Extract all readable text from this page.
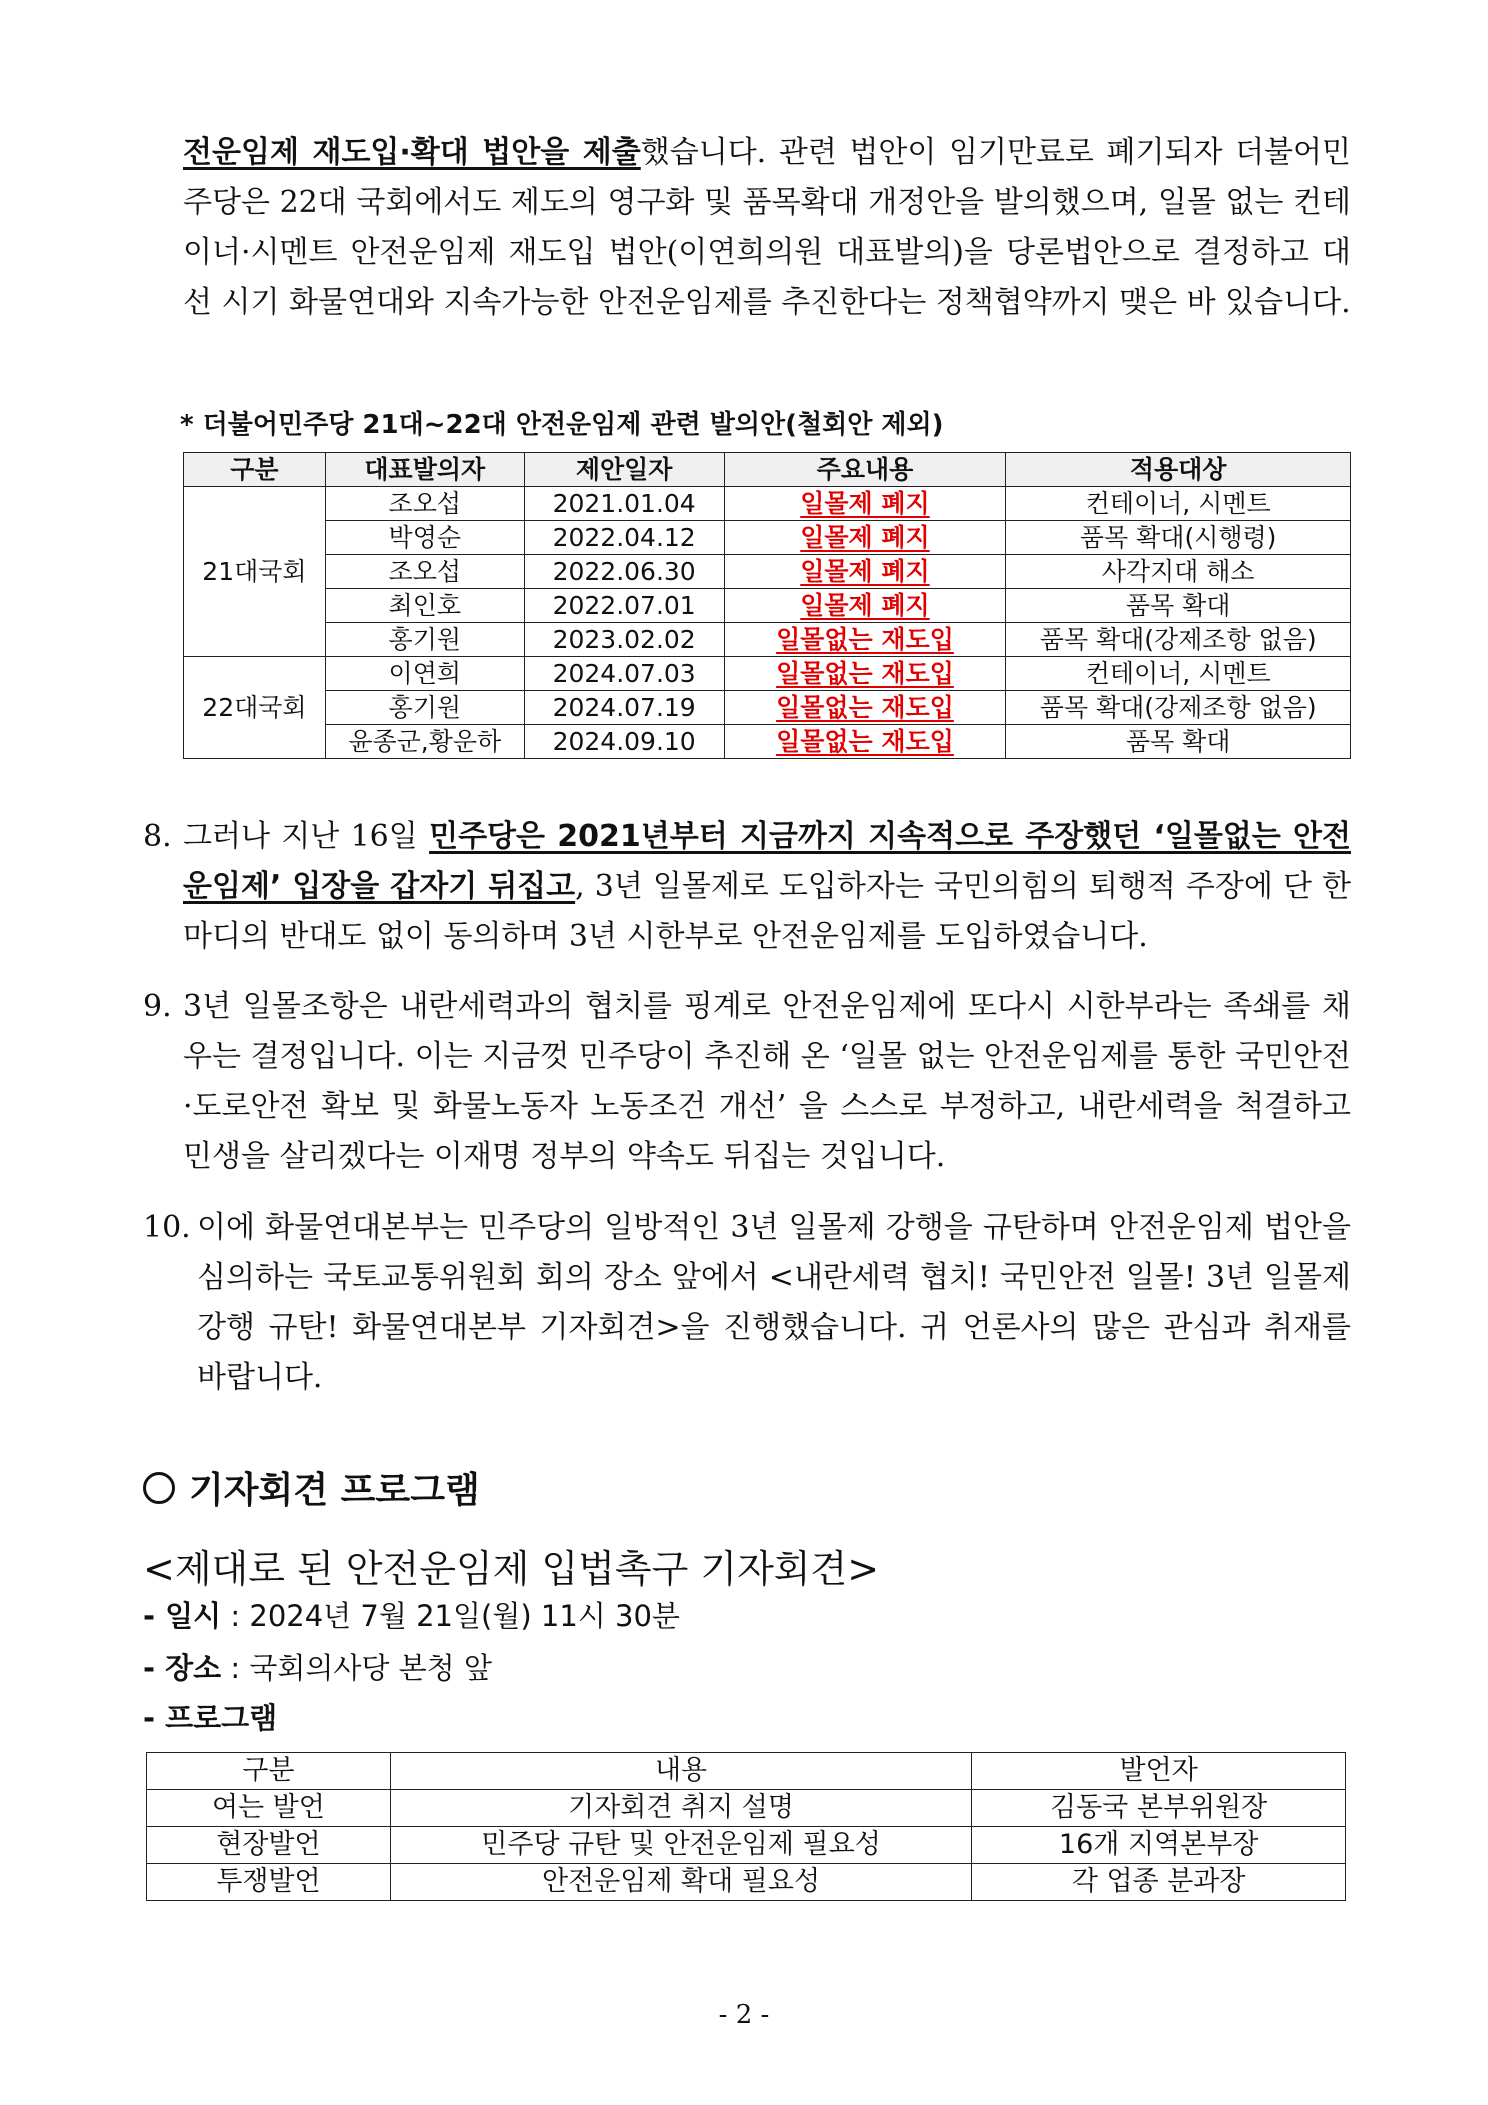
전운임제 재도입·확대 법안을 제출했습니다. 관련 법안이 임기만료로 폐기되자 더불어민주당은 22대 국회에서도 제도의 영구화 및 품목확대 개정안을 발의했으며, 일몰 없는 컨테이너·시멘트 안전운임제 재도입 법안(이연희의원 대표발의)을 당론법안으로 결정하고 대선 시기 화물연대와 지속가능한 안전운임제를 추진한다는 정책협약까지 맺은 바 있습니다.
* 더불어민주당 21대~22대 안전운임제 관련 발의안(철회안 제외)
구분	대표발의자	제안일자	주요내용	적용대상
21대국회	조오섭	2021.01.04	일몰제 폐지	컨테이너, 시멘트
	박영순	2022.04.12	일몰제 폐지	품목 확대(시행령)
	조오섭	2022.06.30	일몰제 폐지	사각지대 해소
	최인호	2022.07.01	일몰제 폐지	품목 확대
	홍기원	2023.02.02	일몰없는 재도입	품목 확대(강제조항 없음)
22대국회	이연희	2024.07.03	일몰없는 재도입	컨테이너, 시멘트
	홍기원	2024.07.19	일몰없는 재도입	품목 확대(강제조항 없음)
	윤종군,황운하	2024.09.10	일몰없는 재도입	품목 확대
8. 그러나 지난 16일 민주당은 2021년부터 지금까지 지속적으로 주장했던 ‘일몰없는 안전운임제’ 입장을 갑자기 뒤집고, 3년 일몰제로 도입하자는 국민의힘의 퇴행적 주장에 단 한 마디의 반대도 없이 동의하며 3년 시한부로 안전운임제를 도입하였습니다.
9. 3년 일몰조항은 내란세력과의 협치를 핑계로 안전운임제에 또다시 시한부라는 족쇄를 채우는 결정입니다. 이는 지금껏 민주당이 추진해 온 ‘일몰 없는 안전운임제를 통한 국민안전·도로안전 확보 및 화물노동자 노동조건 개선’ 을 스스로 부정하고, 내란세력을 척결하고 민생을 살리겠다는 이재명 정부의 약속도 뒤집는 것입니다.
10. 이에 화물연대본부는 민주당의 일방적인 3년 일몰제 강행을 규탄하며 안전운임제 법안을 심의하는 국토교통위원회 회의 장소 앞에서 <내란세력 협치! 국민안전 일몰! 3년 일몰제 강행 규탄! 화물연대본부 기자회견>을 진행했습니다. 귀 언론사의 많은 관심과 취재를 바랍니다.
기자회견 프로그램
<제대로 된 안전운임제 입법촉구 기자회견>
- 일시 : 2024년 7월 21일(월) 11시 30분
- 장소 : 국회의사당 본청 앞
- 프로그램
구분	내용	발언자
여는 발언	기자회견 취지 설명	김동국 본부위원장
현장발언	민주당 규탄 및 안전운임제 필요성	16개 지역본부장
투쟁발언	안전운임제 확대 필요성	각 업종 분과장
- 2 -
